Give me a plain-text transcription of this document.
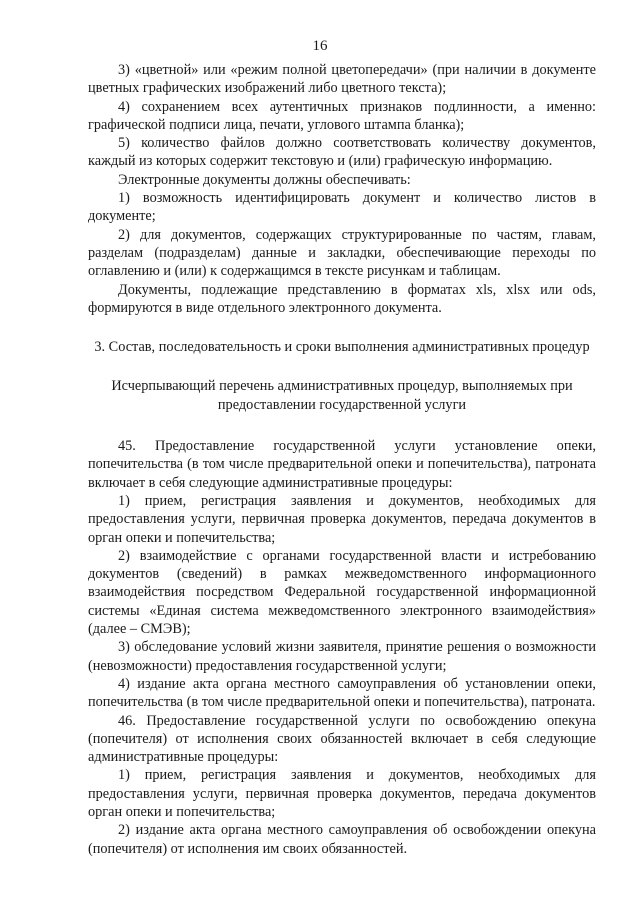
16

3) «цветной» или «режим полной цветопередачи» (при наличии в документе цветных графических изображений либо цветного текста);

4) сохранением всех аутентичных признаков подлинности, а именно: графической подписи лица, печати, углового штампа бланка);

5) количество файлов должно соответствовать количеству документов, каждый из которых содержит текстовую и (или) графическую информацию.

Электронные документы должны обеспечивать:

1) возможность идентифицировать документ и количество листов в документе;

2) для документов, содержащих структурированные по частям, главам, разделам (подразделам) данные и закладки, обеспечивающие переходы по оглавлению и (или) к содержащимся в тексте рисункам и таблицам.

Документы, подлежащие представлению в форматах xls, xlsx или ods, формируются в виде отдельного электронного документа.

3. Состав, последовательность и сроки выполнения административных процедур

Исчерпывающий перечень административных процедур, выполняемых при предоставлении государственной услуги

45. Предоставление государственной услуги установление опеки, попечительства (в том числе предварительной опеки и попечительства), патроната включает в себя следующие административные процедуры:

1) прием, регистрация заявления и документов, необходимых для предоставления услуги, первичная проверка документов, передача документов в орган опеки и попечительства;

2) взаимодействие с органами государственной власти и истребованию документов (сведений) в рамках межведомственного информационного взаимодействия посредством Федеральной государственной информационной системы «Единая система межведомственного электронного взаимодействия» (далее – СМЭВ);

3) обследование условий жизни заявителя, принятие решения о возможности (невозможности) предоставления государственной услуги;

4) издание акта органа местного самоуправления об установлении опеки, попечительства (в том числе предварительной опеки и попечительства), патроната.

46. Предоставление государственной услуги по освобождению опекуна (попечителя) от исполнения своих обязанностей включает в себя следующие административные процедуры:

1) прием, регистрация заявления и документов, необходимых для предоставления услуги, первичная проверка документов, передача документов орган опеки и попечительства;

2) издание акта органа местного самоуправления об освобождении опекуна (попечителя) от исполнения им своих обязанностей.
